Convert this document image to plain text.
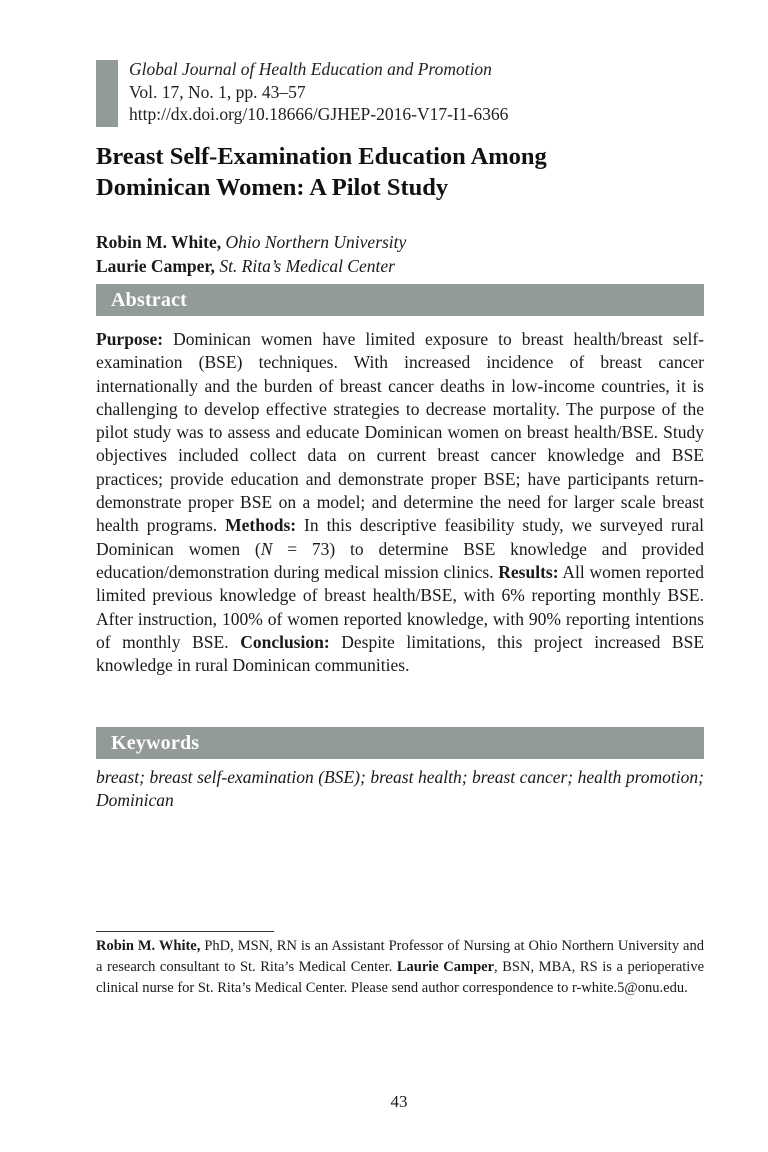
Global Journal of Health Education and Promotion
Vol. 17, No. 1, pp. 43–57
http://dx.doi.org/10.18666/GJHEP-2016-V17-I1-6366
Breast Self-Examination Education Among
Dominican Women: A Pilot Study
Robin M. White, Ohio Northern University
Laurie Camper, St. Rita’s Medical Center
Abstract

Purpose: Dominican women have limited exposure to breast health/breast self-examination (BSE) techniques. With increased incidence of breast cancer internationally and the burden of breast cancer deaths in low-income countries, it is challenging to develop effective strategies to decrease mortality. The purpose of the pilot study was to assess and educate Dominican women on breast health/BSE. Study objectives included collect data on current breast cancer knowledge and BSE practices; provide education and demonstrate proper BSE; have participants return-demonstrate proper BSE on a model; and determine the need for larger scale breast health programs. Methods: In this descriptive feasibility study, we surveyed rural Dominican women (N = 73) to determine BSE knowledge and provided education/demonstration during medical mission clinics. Results: All women reported limited previous knowledge of breast health/BSE, with 6% reporting monthly BSE. After instruction, 100% of women reported knowledge, with 90% reporting intentions of monthly BSE. Conclusion: Despite limitations, this project increased BSE knowledge in rural Dominican communities.

Keywords

breast; breast self-examination (BSE); breast health; breast cancer; health promotion; Dominican

Robin M. White, PhD, MSN, RN is an Assistant Professor of Nursing at Ohio Northern University and a research consultant to St. Rita’s Medical Center. Laurie Camper, BSN, MBA, RS is a perioperative clinical nurse for St. Rita’s Medical Center. Please send author correspondence to r-white.5@onu.edu.

43
